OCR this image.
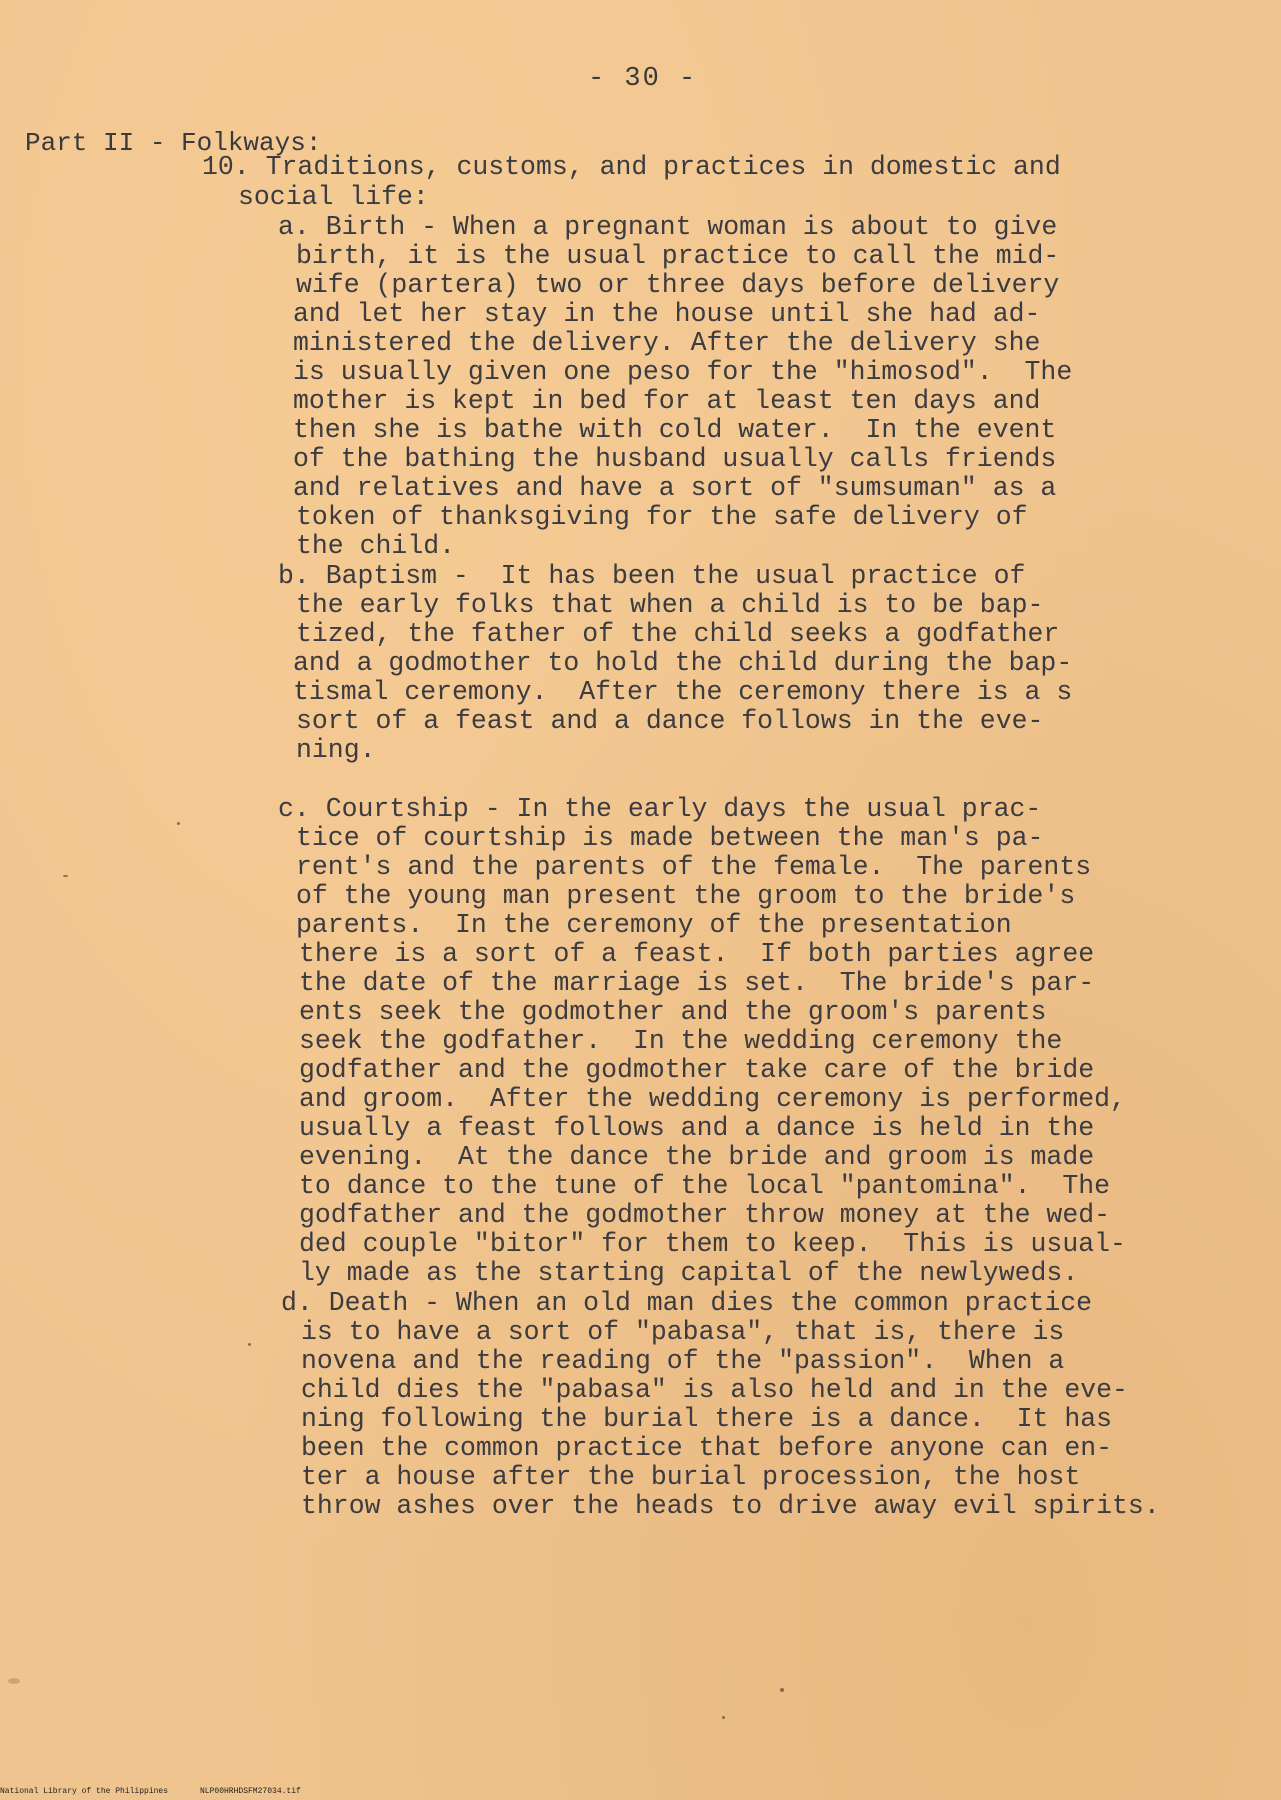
- 30 -
Part II - Folkways:
10. Traditions, customs, and practices in domestic and
social life:
a. Birth - When a pregnant woman is about to give
birth, it is the usual practice to call the mid-
wife (partera) two or three days before delivery
and let her stay in the house until she had ad-
ministered the delivery. After the delivery she
is usually given one peso for the "himosod".  The
mother is kept in bed for at least ten days and
then she is bathe with cold water.  In the event
of the bathing the husband usually calls friends
and relatives and have a sort of "sumsuman" as a
token of thanksgiving for the safe delivery of
the child.
b. Baptism -  It has been the usual practice of
the early folks that when a child is to be bap-
tized, the father of the child seeks a godfather
and a godmother to hold the child during the bap-
tismal ceremony.  After the ceremony there is a s
sort of a feast and a dance follows in the eve-
ning.
c. Courtship - In the early days the usual prac-
tice of courtship is made between the man's pa-
rent's and the parents of the female.  The parents
of the young man present the groom to the bride's
parents.  In the ceremony of the presentation
there is a sort of a feast.  If both parties agree
the date of the marriage is set.  The bride's par-
ents seek the godmother and the groom's parents
seek the godfather.  In the wedding ceremony the
godfather and the godmother take care of the bride
and groom.  After the wedding ceremony is performed,
usually a feast follows and a dance is held in the
evening.  At the dance the bride and groom is made
to dance to the tune of the local "pantomina".  The
godfather and the godmother throw money at the wed-
ded couple "bitor" for them to keep.  This is usual-
ly made as the starting capital of the newlyweds.
d. Death - When an old man dies the common practice
is to have a sort of "pabasa", that is, there is
novena and the reading of the "passion".  When a
child dies the "pabasa" is also held and in the eve-
ning following the burial there is a dance.  It has
been the common practice that before anyone can en-
ter a house after the burial procession, the host
throw ashes over the heads to drive away evil spirits.
National Library of the Philippines	NLP00HRHDSFM27034.tif
